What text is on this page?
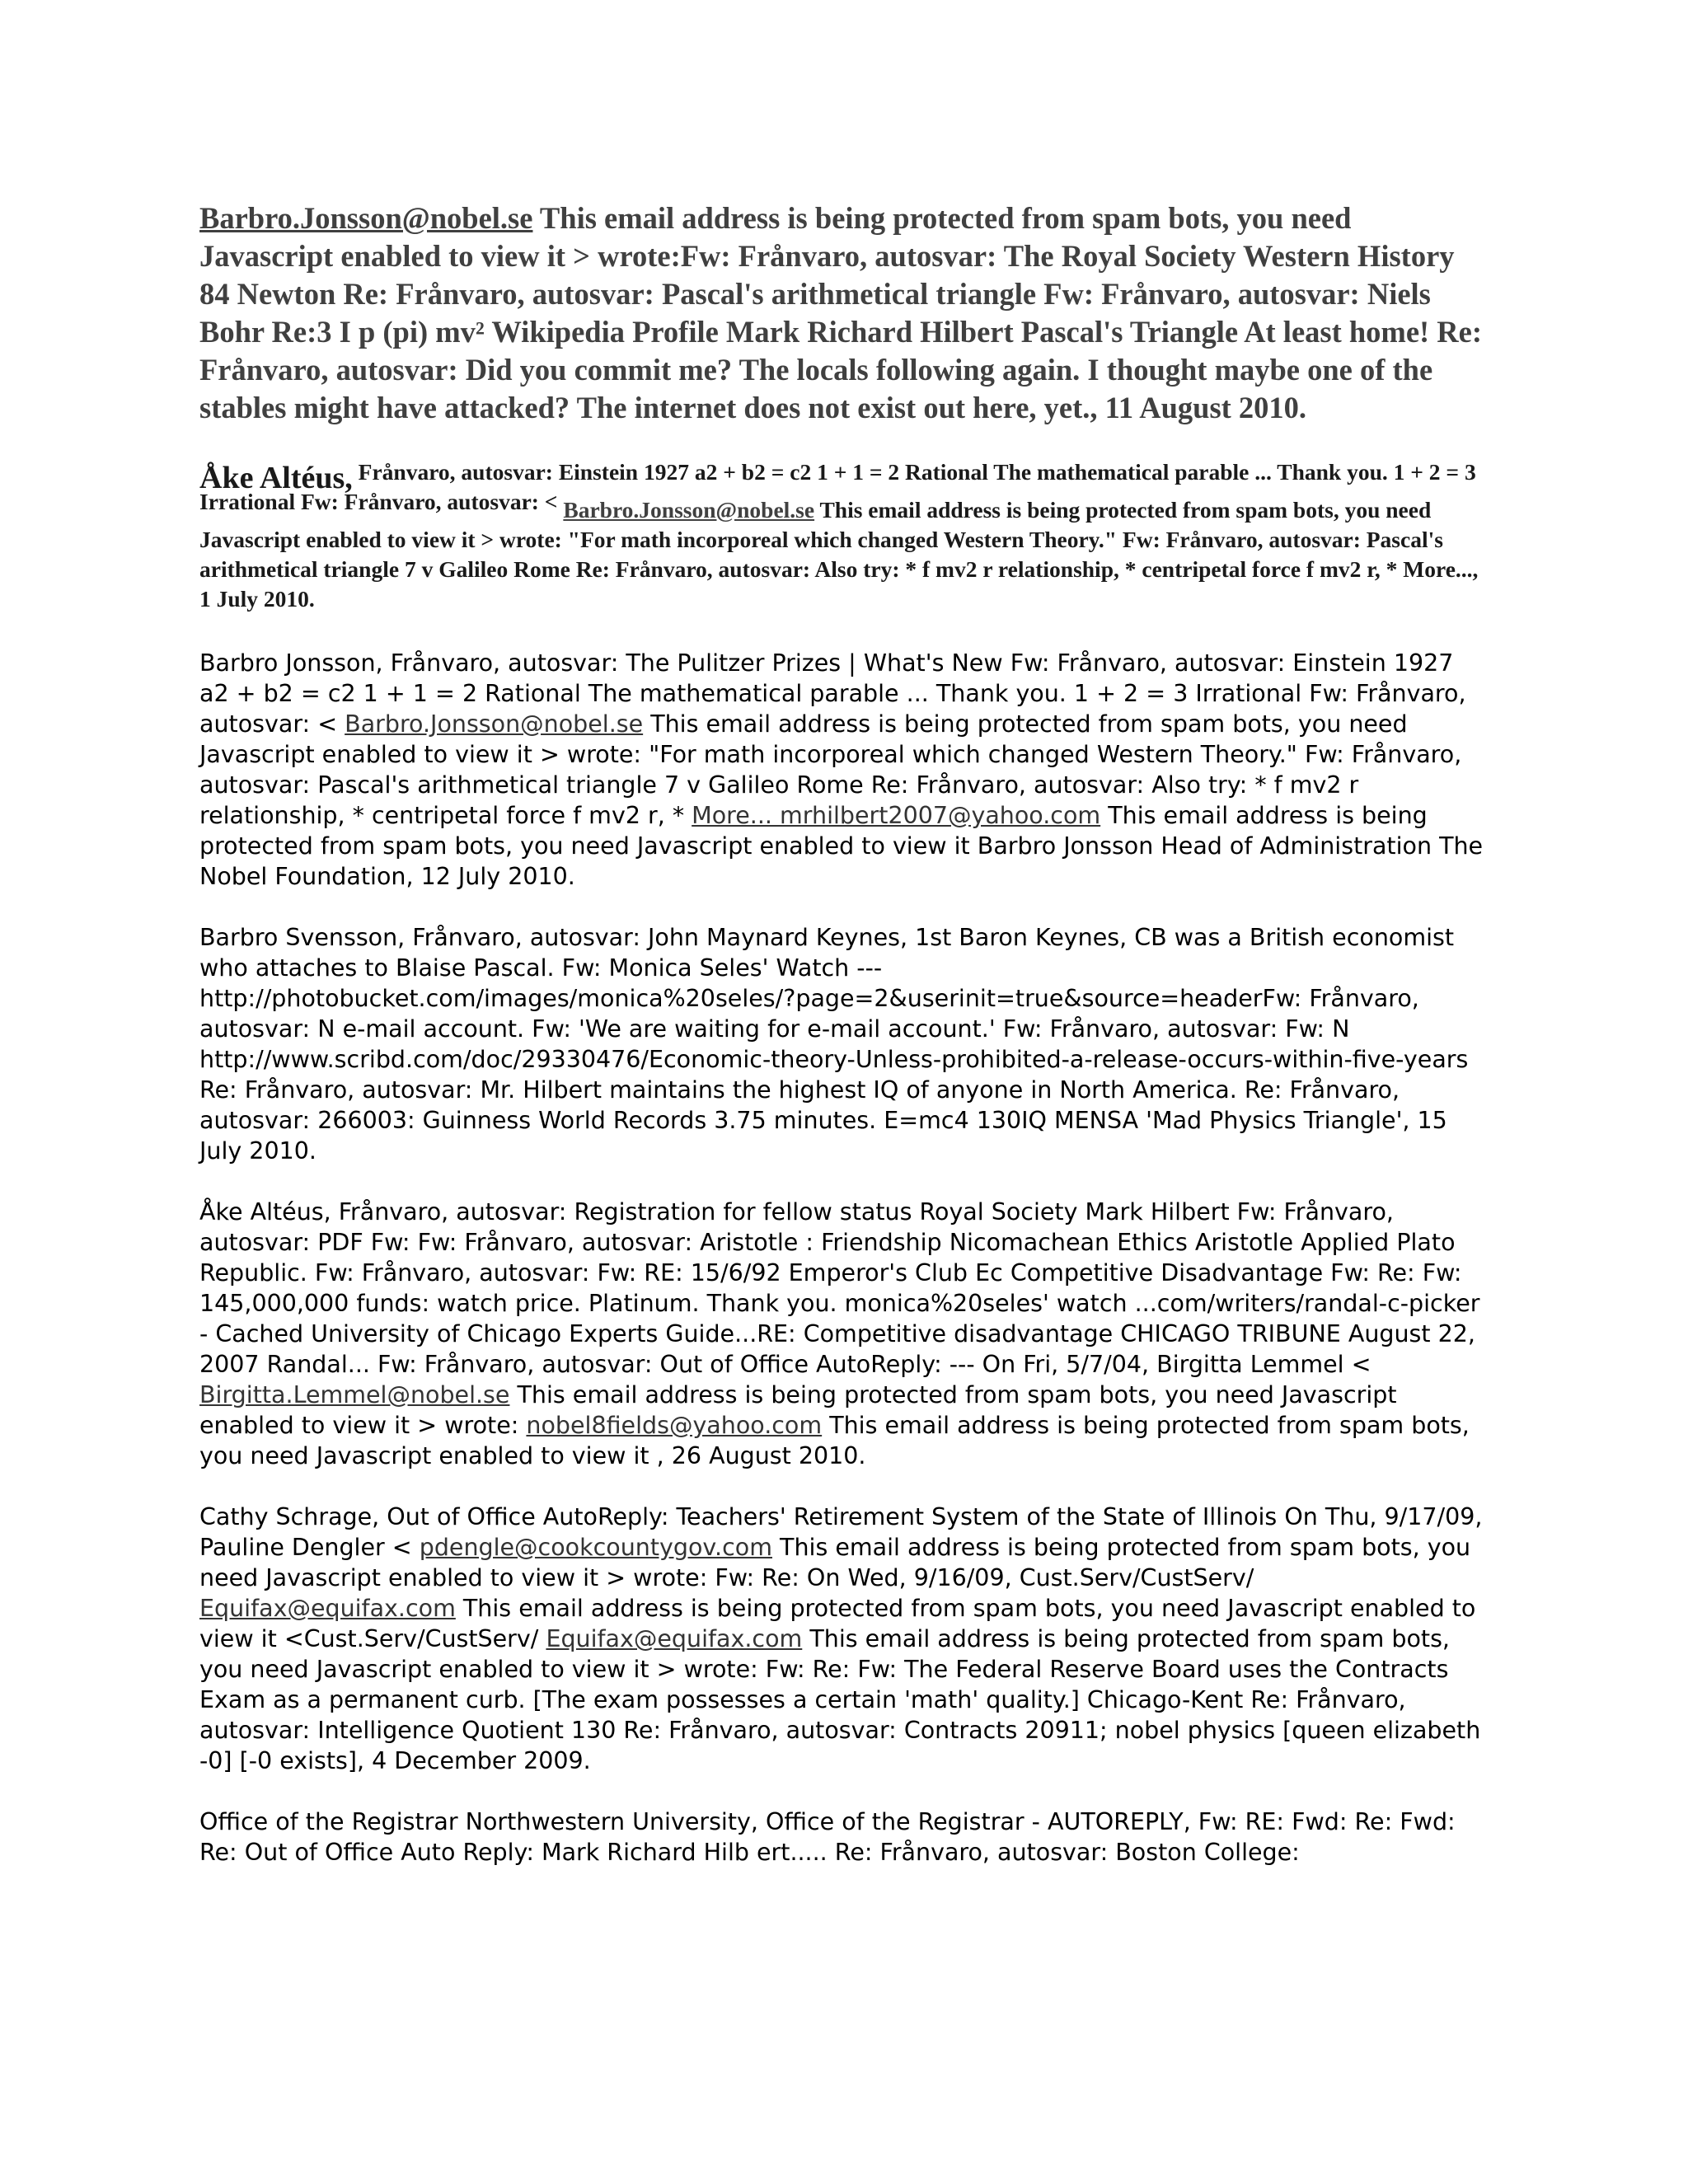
Barbro.Jonsson@nobel.se This email address is being protected from spam bots, you need Javascript enabled to view it > wrote:Fw: Frånvaro, autosvar: The Royal Society Western History 84 Newton Re: Frånvaro, autosvar: Pascal's arithmetical triangle Fw: Frånvaro, autosvar: Niels Bohr Re:3 I p (pi) mv² Wikipedia Profile Mark Richard Hilbert Pascal's Triangle At least home! Re: Frånvaro, autosvar: Did you commit me? The locals following again. I thought maybe one of the stables might have attacked? The internet does not exist out here, yet., 11 August 2010.

Åke Altéus, Frånvaro, autosvar: Einstein 1927 a2 + b2 = c2 1 + 1 = 2 Rational The mathematical parable ... Thank you. 1 + 2 = 3 Irrational Fw: Frånvaro, autosvar: < Barbro.Jonsson@nobel.se This email address is being protected from spam bots, you need Javascript enabled to view it > wrote: "For math incorporeal which changed Western Theory." Fw: Frånvaro, autosvar: Pascal's arithmetical triangle 7 v Galileo Rome Re: Frånvaro, autosvar: Also try: * f mv2 r relationship, * centripetal force f mv2 r, * More..., 1 July 2010.

Barbro Jonsson, Frånvaro, autosvar: The Pulitzer Prizes | What's New Fw: Frånvaro, autosvar: Einstein 1927 a2 + b2 = c2 1 + 1 = 2 Rational The mathematical parable ... Thank you. 1 + 2 = 3 Irrational Fw: Frånvaro, autosvar: < Barbro.Jonsson@nobel.se This email address is being protected from spam bots, you need Javascript enabled to view it > wrote: "For math incorporeal which changed Western Theory." Fw: Frånvaro, autosvar: Pascal's arithmetical triangle 7 v Galileo Rome Re: Frånvaro, autosvar: Also try: * f mv2 r relationship, * centripetal force f mv2 r, * More... mrhilbert2007@yahoo.com This email address is being protected from spam bots, you need Javascript enabled to view it Barbro Jonsson Head of Administration The Nobel Foundation, 12 July 2010.

Barbro Svensson, Frånvaro, autosvar: John Maynard Keynes, 1st Baron Keynes, CB was a British economist who attaches to Blaise Pascal. Fw: Monica Seles' Watch --- http://photobucket.com/images/monica%20seles/?page=2&userinit=true&source=headerFw: Frånvaro, autosvar: N e-mail account. Fw: 'We are waiting for e-mail account.' Fw: Frånvaro, autosvar: Fw: N http://www.scribd.com/doc/29330476/Economic-theory-Unless-prohibited-a-release-occurs-within-five-years Re: Frånvaro, autosvar: Mr. Hilbert maintains the highest IQ of anyone in North America. Re: Frånvaro, autosvar: 266003: Guinness World Records 3.75 minutes. E=mc4 130IQ MENSA 'Mad Physics Triangle', 15 July 2010.

Åke Altéus, Frånvaro, autosvar: Registration for fellow status Royal Society Mark Hilbert Fw: Frånvaro, autosvar: PDF Fw: Fw: Frånvaro, autosvar: Aristotle : Friendship Nicomachean Ethics Aristotle Applied Plato Republic. Fw: Frånvaro, autosvar: Fw: RE: 15/6/92 Emperor's Club Ec Competitive Disadvantage Fw: Re: Fw: 145,000,000 funds: watch price. Platinum. Thank you. monica%20seles' watch ...com/writers/randal-c-picker - Cached University of Chicago Experts Guide...RE: Competitive disadvantage CHICAGO TRIBUNE August 22, 2007 Randal... Fw: Frånvaro, autosvar: Out of Office AutoReply: --- On Fri, 5/7/04, Birgitta Lemmel < Birgitta.Lemmel@nobel.se This email address is being protected from spam bots, you need Javascript enabled to view it > wrote: nobel8fields@yahoo.com This email address is being protected from spam bots, you need Javascript enabled to view it , 26 August 2010.

Cathy Schrage, Out of Office AutoReply: Teachers' Retirement System of the State of Illinois On Thu, 9/17/09, Pauline Dengler < pdengle@cookcountygov.com This email address is being protected from spam bots, you need Javascript enabled to view it > wrote: Fw: Re: On Wed, 9/16/09, Cust.Serv/CustServ/ Equifax@equifax.com This email address is being protected from spam bots, you need Javascript enabled to view it <Cust.Serv/CustServ/ Equifax@equifax.com This email address is being protected from spam bots, you need Javascript enabled to view it > wrote: Fw: Re: Fw: The Federal Reserve Board uses the Contracts Exam as a permanent curb. [The exam possesses a certain 'math' quality.] Chicago-Kent Re: Frånvaro, autosvar: Intelligence Quotient 130 Re: Frånvaro, autosvar: Contracts 20911; nobel physics [queen elizabeth -0] [-0 exists], 4 December 2009.

Office of the Registrar Northwestern University, Office of the Registrar - AUTOREPLY, Fw: RE: Fwd: Re: Fwd: Re: Out of Office Auto Reply: Mark Richard Hilb ert..... Re: Frånvaro, autosvar: Boston College:
